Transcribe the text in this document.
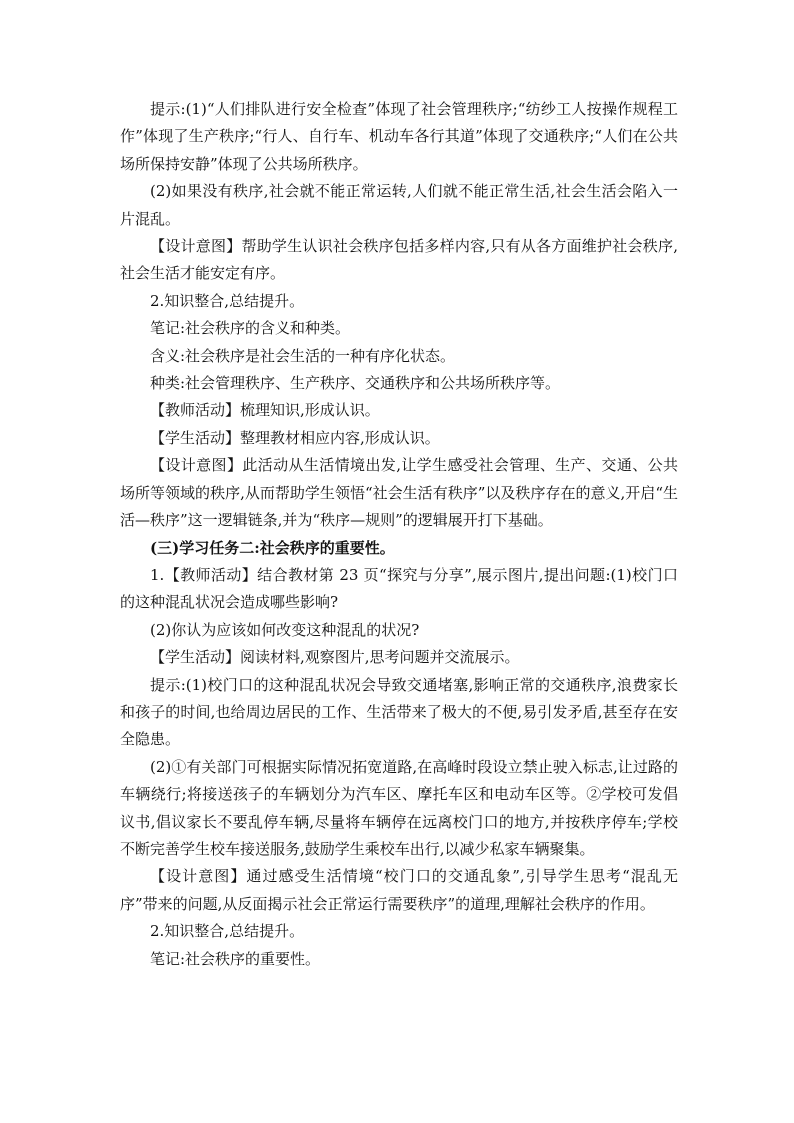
提示:(1)“人们排队进行安全检查”体现了社会管理秩序;“纺纱工人按操作规程工作”体现了生产秩序;“行人、自行车、机动车各行其道”体现了交通秩序;“人们在公共场所保持安静”体现了公共场所秩序。

(2)如果没有秩序,社会就不能正常运转,人们就不能正常生活,社会生活会陷入一片混乱。

【设计意图】帮助学生认识社会秩序包括多样内容,只有从各方面维护社会秩序,社会生活才能安定有序。

2.知识整合,总结提升。

笔记:社会秩序的含义和种类。

含义:社会秩序是社会生活的一种有序化状态。

种类:社会管理秩序、生产秩序、交通秩序和公共场所秩序等。

【教师活动】梳理知识,形成认识。

【学生活动】整理教材相应内容,形成认识。

【设计意图】此活动从生活情境出发,让学生感受社会管理、生产、交通、公共场所等领域的秩序,从而帮助学生领悟“社会生活有秩序”以及秩序存在的意义,开启“生活—秩序”这一逻辑链条,并为“秩序—规则”的逻辑展开打下基础。

(三)学习任务二:社会秩序的重要性。

1.【教师活动】结合教材第 23 页“探究与分享”,展示图片,提出问题:(1)校门口的这种混乱状况会造成哪些影响?

(2)你认为应该如何改变这种混乱的状况?

【学生活动】阅读材料,观察图片,思考问题并交流展示。

提示:(1)校门口的这种混乱状况会导致交通堵塞,影响正常的交通秩序,浪费家长和孩子的时间,也给周边居民的工作、生活带来了极大的不便,易引发矛盾,甚至存在安全隐患。

(2)①有关部门可根据实际情况拓宽道路,在高峰时段设立禁止驶入标志,让过路的车辆绕行;将接送孩子的车辆划分为汽车区、摩托车区和电动车区等。②学校可发倡议书,倡议家长不要乱停车辆,尽量将车辆停在远离校门口的地方,并按秩序停车;学校不断完善学生校车接送服务,鼓励学生乘校车出行,以减少私家车辆聚集。

【设计意图】通过感受生活情境“校门口的交通乱象”,引导学生思考“混乱无序”带来的问题,从反面揭示社会正常运行需要秩序”的道理,理解社会秩序的作用。

2.知识整合,总结提升。

笔记:社会秩序的重要性。
